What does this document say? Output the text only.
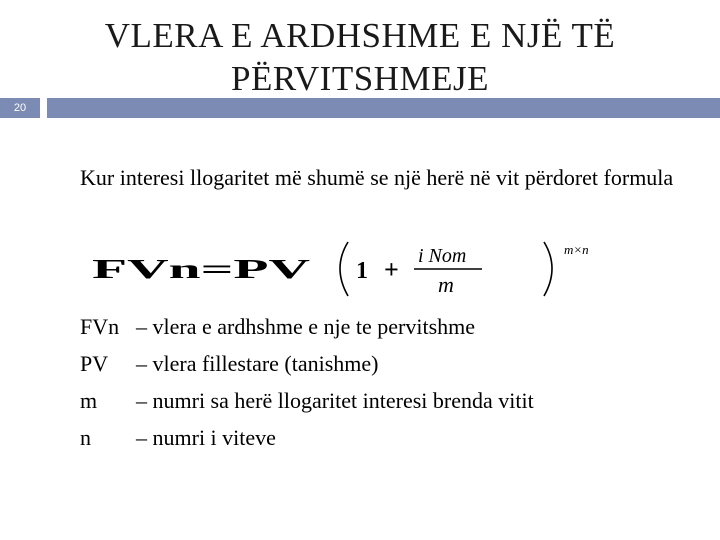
VLERA E ARDHSHME E NJË TË PËRVITSHMEJE
20
Kur interesi llogaritet më shumë se një herë në vit përdoret formula
FVn=PV 1 + i Nom
m
m×n
FVn – vlera e ardhshme e nje te pervitshme
PV – vlera fillestare (tanishme)
m – numri sa herë llogaritet interesi brenda vitit
n – numri i viteve
